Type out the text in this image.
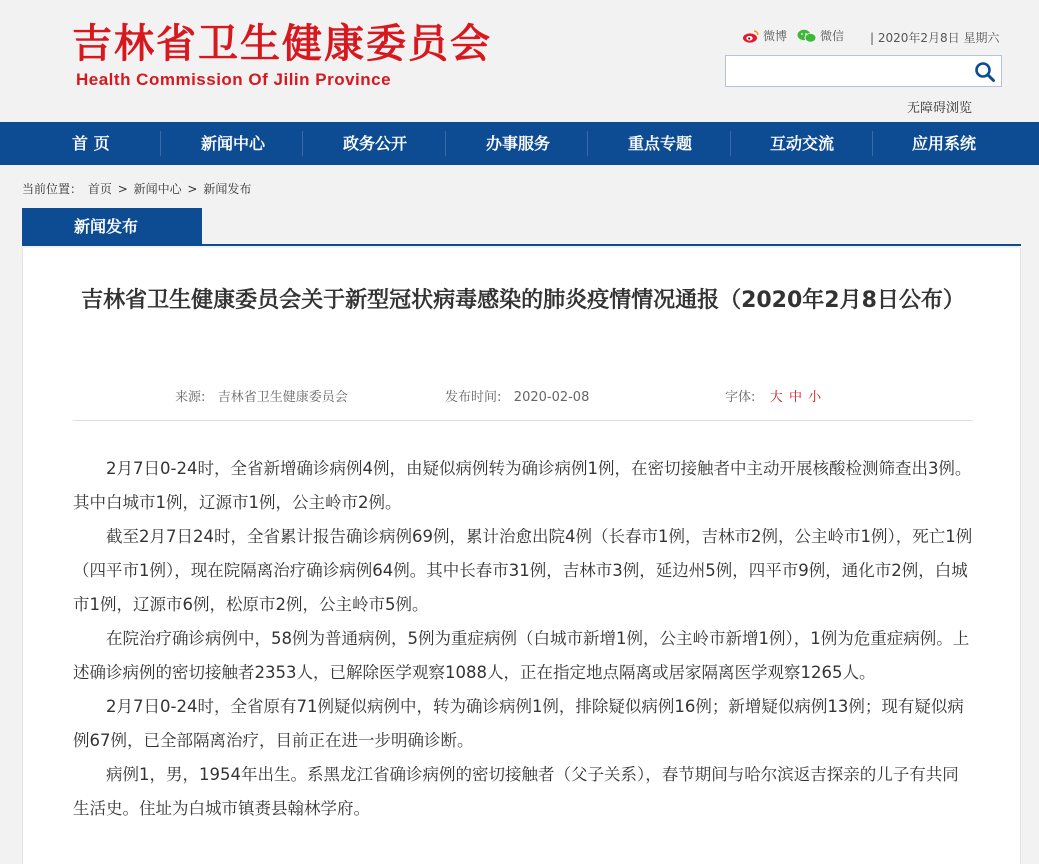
吉林省卫生健康委员会
Health Commission Of Jilin Province
微博	微信 | 2020年2月8日 星期六
无障碍浏览
首 页	新闻中心	政务公开	办事服务	重点专题	互动交流	应用系统
当前位置： 首页 > 新闻中心 > 新闻发布
新闻发布
吉林省卫生健康委员会关于新型冠状病毒感染的肺炎疫情情况通报（2020年2月8日公布）
来源: 吉林省卫生健康委员会	发布时间: 2020-02-08	字体: 大 中 小

2月7日0-24时，全省新增确诊病例4例，由疑似病例转为确诊病例1例，在密切接触者中主动开展核酸检测筛查出3例。其中白城市1例，辽源市1例，公主岭市2例。

截至2月7日24时，全省累计报告确诊病例69例，累计治愈出院4例（长春市1例，吉林市2例，公主岭市1例），死亡1例（四平市1例），现在院隔离治疗确诊病例64例。其中长春市31例，吉林市3例，延边州5例，四平市9例，通化市2例，白城市1例，辽源市6例，松原市2例，公主岭市5例。

在院治疗确诊病例中，58例为普通病例，5例为重症病例（白城市新增1例，公主岭市新增1例），1例为危重症病例。上述确诊病例的密切接触者2353人，已解除医学观察1088人，正在指定地点隔离或居家隔离医学观察1265人。

2月7日0-24时，全省原有71例疑似病例中，转为确诊病例1例，排除疑似病例16例；新增疑似病例13例；现有疑似病例67例，已全部隔离治疗，目前正在进一步明确诊断。

病例1，男，1954年出生。系黑龙江省确诊病例的密切接触者（父子关系），春节期间与哈尔滨返吉探亲的儿子有共同生活史。住址为白城市镇赉县翰林学府。
